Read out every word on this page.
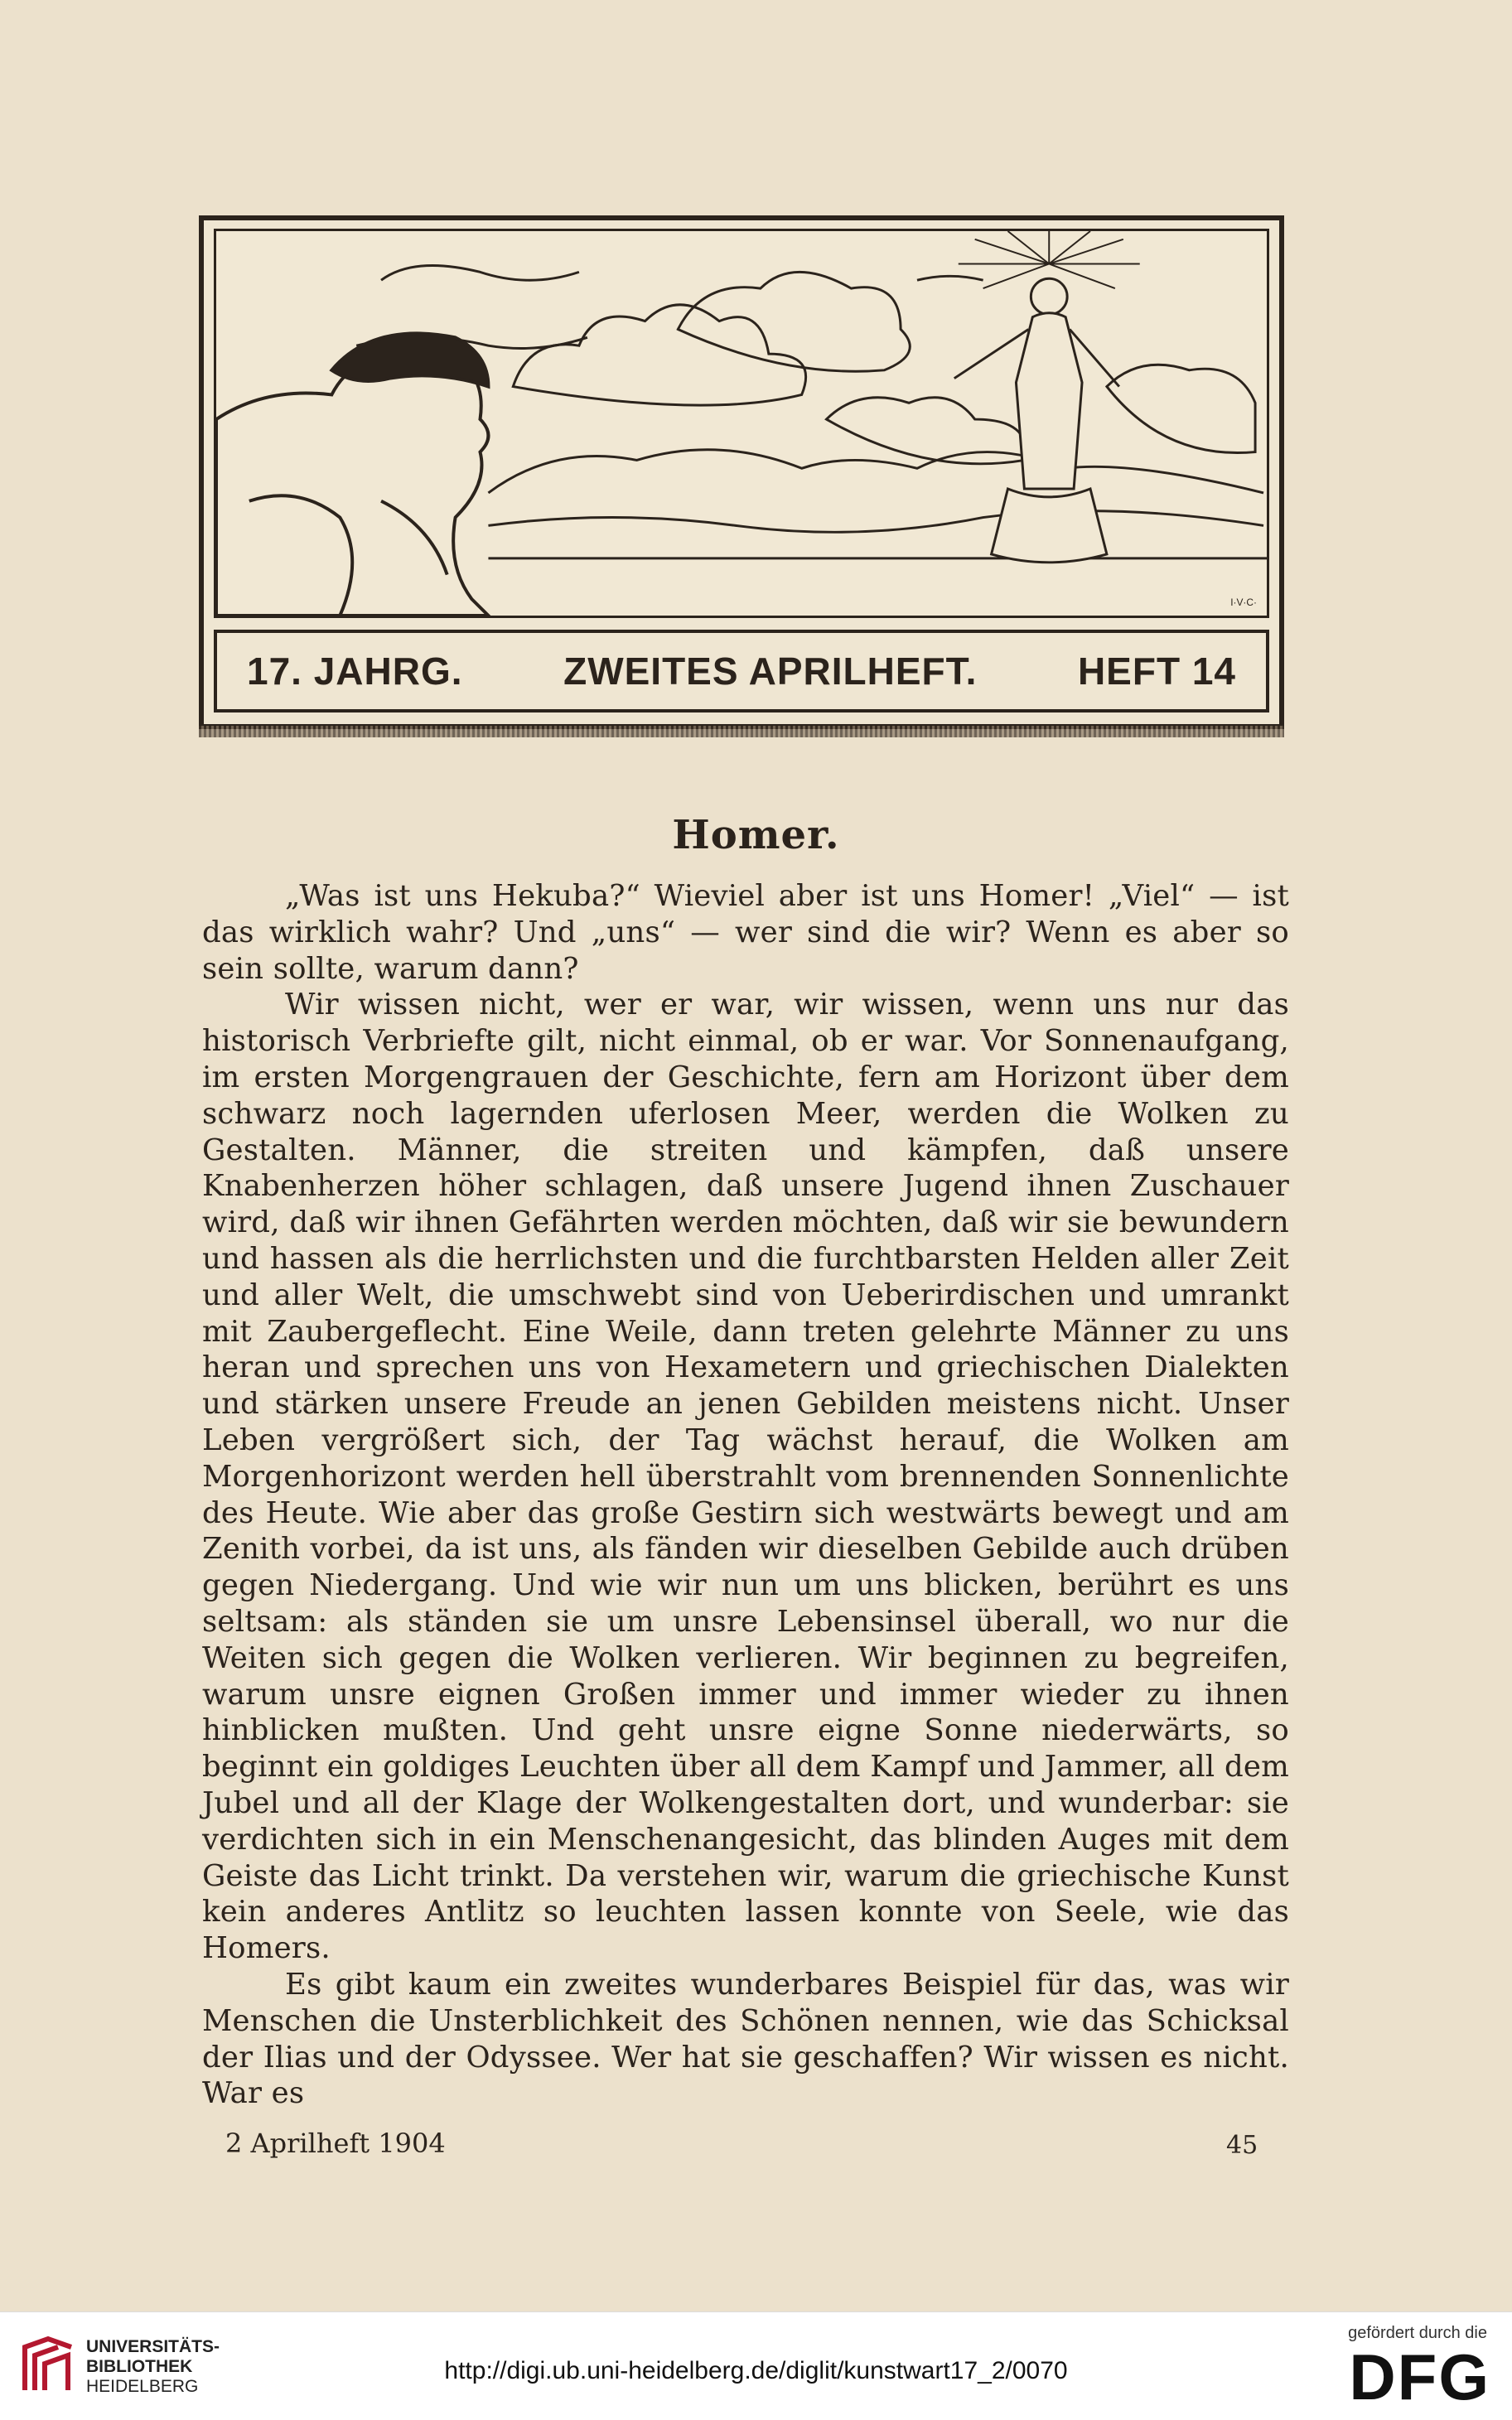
I·V·C·
17. JAHRG.	ZWEITES APRILHEFT.	HEFT 14
Homer.

„Was ist uns Hekuba?“ Wieviel aber ist uns Homer! „Viel“ — ist das wirklich wahr? Und „uns“ — wer sind die wir? Wenn es aber so sein sollte, warum dann?

Wir wissen nicht, wer er war, wir wissen, wenn uns nur das historisch Verbriefte gilt, nicht einmal, ob er war. Vor Sonnenaufgang, im ersten Morgengrauen der Geschichte, fern am Horizont über dem schwarz noch lagernden uferlosen Meer, werden die Wolken zu Gestalten. Männer, die streiten und kämpfen, daß unsere Knabenherzen höher schlagen, daß unsere Jugend ihnen Zuschauer wird, daß wir ihnen Gefährten werden möchten, daß wir sie bewundern und hassen als die herrlichsten und die furchtbarsten Helden aller Zeit und aller Welt, die umschwebt sind von Ueberirdischen und umrankt mit Zaubergeflecht. Eine Weile, dann treten gelehrte Männer zu uns heran und sprechen uns von Hexametern und griechischen Dialekten und stärken unsere Freude an jenen Gebilden meistens nicht. Unser Leben vergrößert sich, der Tag wächst herauf, die Wolken am Morgenhorizont werden hell überstrahlt vom brennenden Sonnenlichte des Heute. Wie aber das große Gestirn sich westwärts bewegt und am Zenith vorbei, da ist uns, als fänden wir dieselben Gebilde auch drüben gegen Niedergang. Und wie wir nun um uns blicken, berührt es uns seltsam: als ständen sie um unsre Lebensinsel überall, wo nur die Weiten sich gegen die Wolken verlieren. Wir beginnen zu begreifen, warum unsre eignen Großen immer und immer wieder zu ihnen hinblicken mußten. Und geht unsre eigne Sonne niederwärts, so beginnt ein goldiges Leuchten über all dem Kampf und Jammer, all dem Jubel und all der Klage der Wolkengestalten dort, und wunderbar: sie verdichten sich in ein Menschenangesicht, das blinden Auges mit dem Geiste das Licht trinkt. Da verstehen wir, warum die griechische Kunst kein anderes Antlitz so leuchten lassen konnte von Seele, wie das Homers.

Es gibt kaum ein zweites wunderbares Beispiel für das, was wir Menschen die Unsterblichkeit des Schönen nennen, wie das Schicksal der Ilias und der Odyssee. Wer hat sie geschaffen? Wir wissen es nicht. War es

2 Aprilheft 1904	45
UNIVERSITÄTS-
BIBLIOTHEK
HEIDELBERG
http://digi.ub.uni-heidelberg.de/diglit/kunstwart17_2/0070
gefördert durch die
DFG
